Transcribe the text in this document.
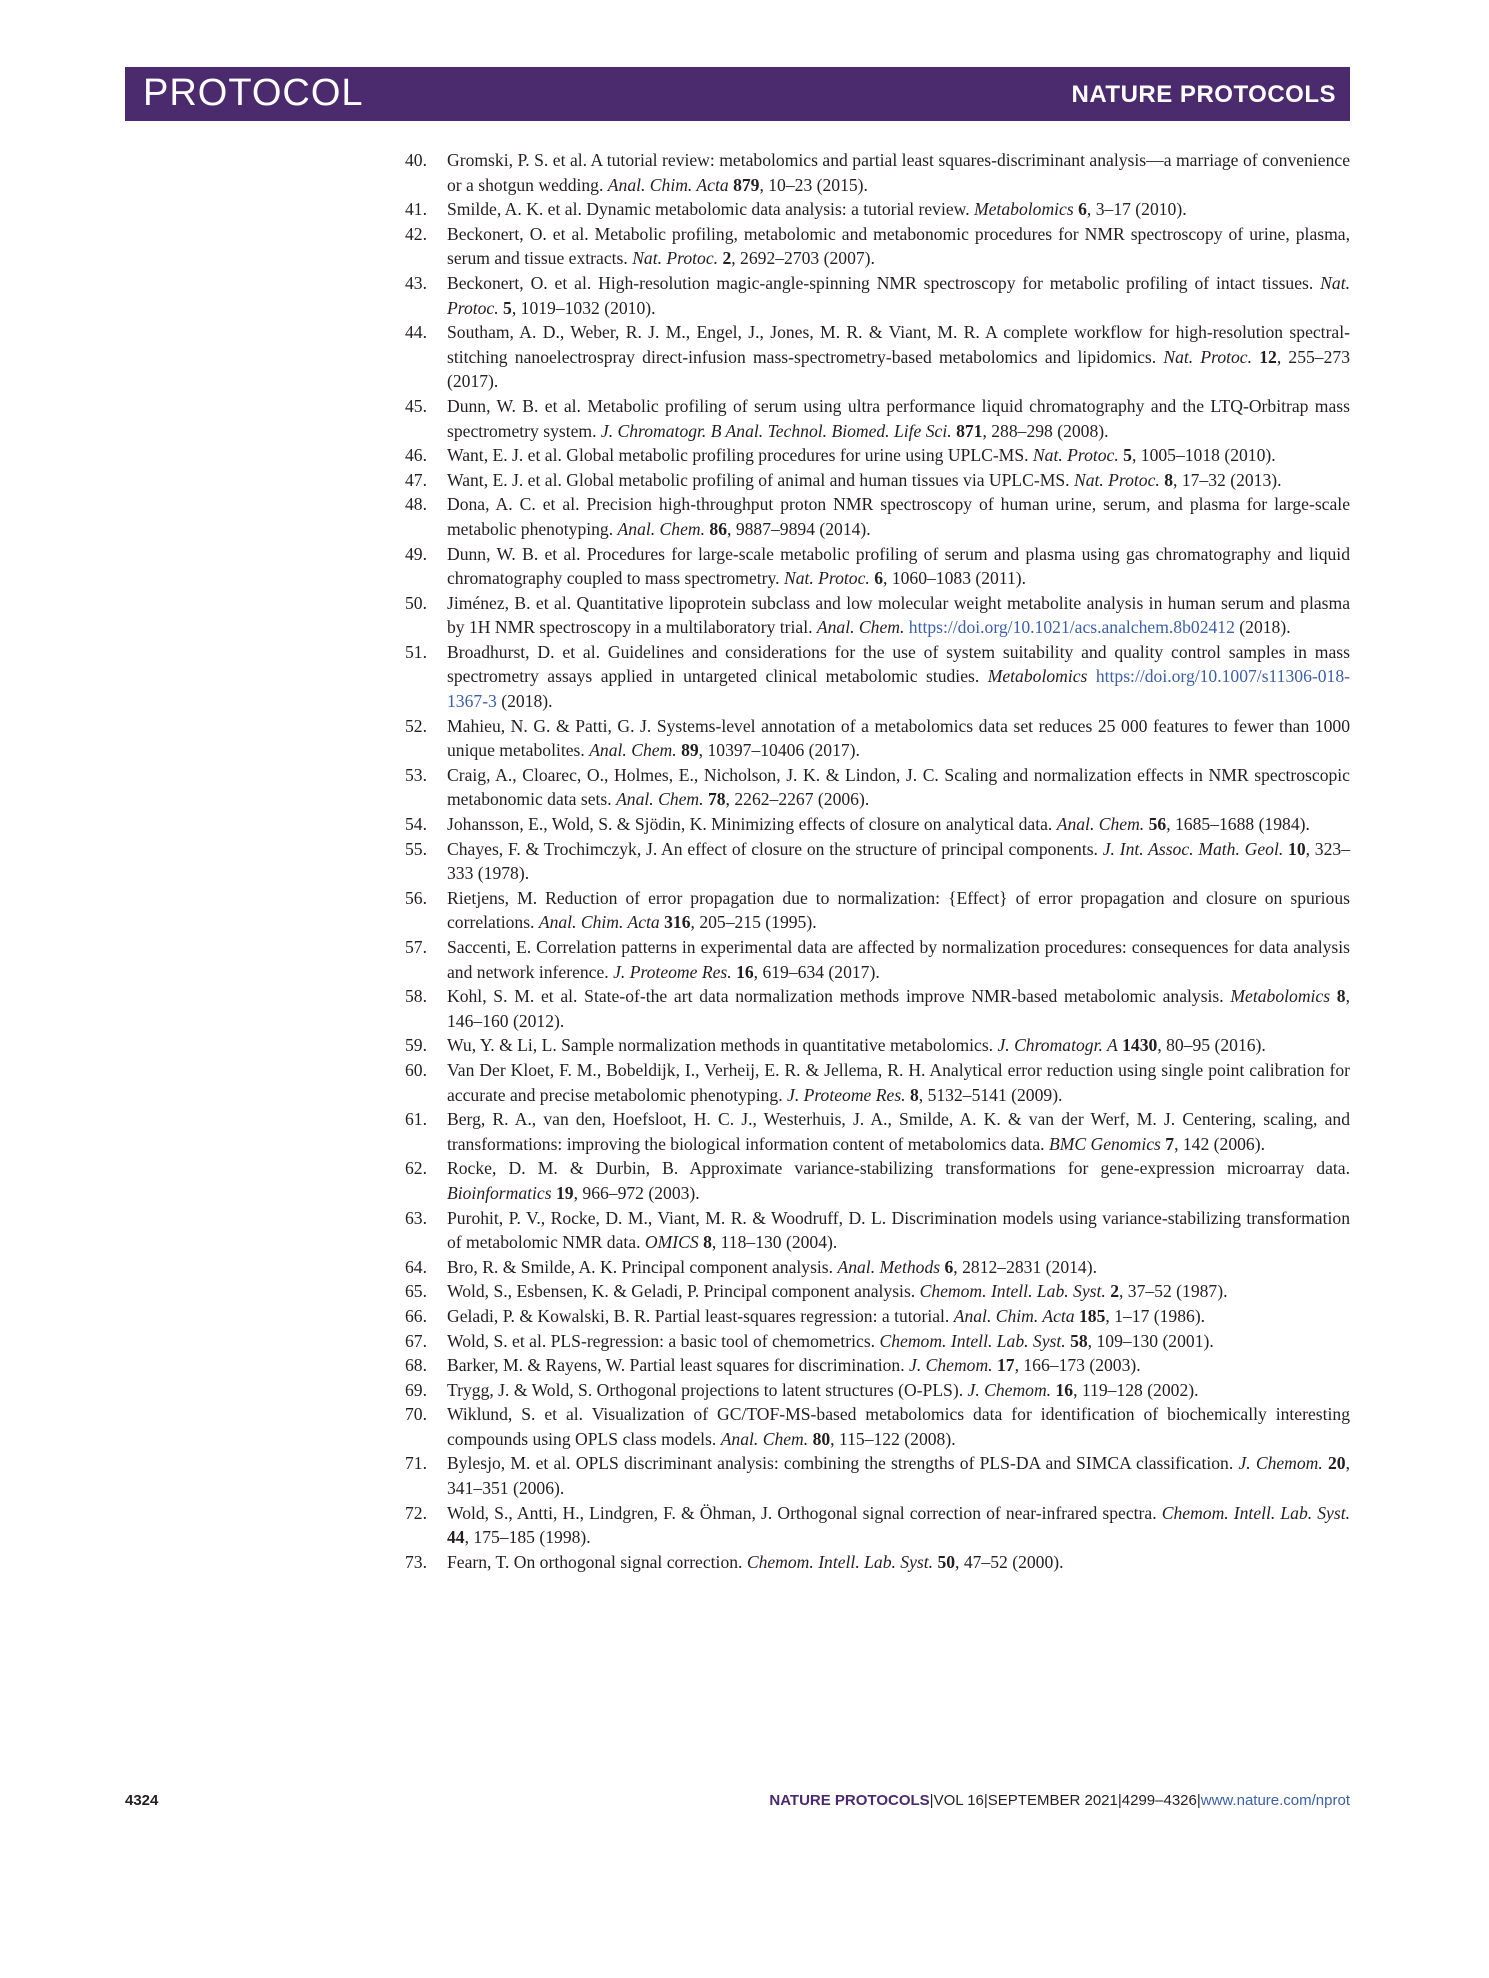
PROTOCOL	NATURE PROTOCOLS
40. Gromski, P. S. et al. A tutorial review: metabolomics and partial least squares-discriminant analysis—a marriage of convenience or a shotgun wedding. Anal. Chim. Acta 879, 10–23 (2015).
41. Smilde, A. K. et al. Dynamic metabolomic data analysis: a tutorial review. Metabolomics 6, 3–17 (2010).
42. Beckonert, O. et al. Metabolic profiling, metabolomic and metabonomic procedures for NMR spectroscopy of urine, plasma, serum and tissue extracts. Nat. Protoc. 2, 2692–2703 (2007).
43. Beckonert, O. et al. High-resolution magic-angle-spinning NMR spectroscopy for metabolic profiling of intact tissues. Nat. Protoc. 5, 1019–1032 (2010).
44. Southam, A. D., Weber, R. J. M., Engel, J., Jones, M. R. & Viant, M. R. A complete workflow for high-resolution spectral-stitching nanoelectrospray direct-infusion mass-spectrometry-based metabolomics and lipidomics. Nat. Protoc. 12, 255–273 (2017).
45. Dunn, W. B. et al. Metabolic profiling of serum using ultra performance liquid chromatography and the LTQ-Orbitrap mass spectrometry system. J. Chromatogr. B Anal. Technol. Biomed. Life Sci. 871, 288–298 (2008).
46. Want, E. J. et al. Global metabolic profiling procedures for urine using UPLC-MS. Nat. Protoc. 5, 1005–1018 (2010).
47. Want, E. J. et al. Global metabolic profiling of animal and human tissues via UPLC-MS. Nat. Protoc. 8, 17–32 (2013).
48. Dona, A. C. et al. Precision high-throughput proton NMR spectroscopy of human urine, serum, and plasma for large-scale metabolic phenotyping. Anal. Chem. 86, 9887–9894 (2014).
49. Dunn, W. B. et al. Procedures for large-scale metabolic profiling of serum and plasma using gas chromatography and liquid chromatography coupled to mass spectrometry. Nat. Protoc. 6, 1060–1083 (2011).
50. Jiménez, B. et al. Quantitative lipoprotein subclass and low molecular weight metabolite analysis in human serum and plasma by 1H NMR spectroscopy in a multilaboratory trial. Anal. Chem. https://doi.org/10.1021/acs.analchem.8b02412 (2018).
51. Broadhurst, D. et al. Guidelines and considerations for the use of system suitability and quality control samples in mass spectrometry assays applied in untargeted clinical metabolomic studies. Metabolomics https://doi.org/10.1007/s11306-018-1367-3 (2018).
52. Mahieu, N. G. & Patti, G. J. Systems-level annotation of a metabolomics data set reduces 25 000 features to fewer than 1000 unique metabolites. Anal. Chem. 89, 10397–10406 (2017).
53. Craig, A., Cloarec, O., Holmes, E., Nicholson, J. K. & Lindon, J. C. Scaling and normalization effects in NMR spectroscopic metabonomic data sets. Anal. Chem. 78, 2262–2267 (2006).
54. Johansson, E., Wold, S. & Sjödin, K. Minimizing effects of closure on analytical data. Anal. Chem. 56, 1685–1688 (1984).
55. Chayes, F. & Trochimczyk, J. An effect of closure on the structure of principal components. J. Int. Assoc. Math. Geol. 10, 323–333 (1978).
56. Rietjens, M. Reduction of error propagation due to normalization: {Effect} of error propagation and closure on spurious correlations. Anal. Chim. Acta 316, 205–215 (1995).
57. Saccenti, E. Correlation patterns in experimental data are affected by normalization procedures: consequences for data analysis and network inference. J. Proteome Res. 16, 619–634 (2017).
58. Kohl, S. M. et al. State-of-the art data normalization methods improve NMR-based metabolomic analysis. Metabolomics 8, 146–160 (2012).
59. Wu, Y. & Li, L. Sample normalization methods in quantitative metabolomics. J. Chromatogr. A 1430, 80–95 (2016).
60. Van Der Kloet, F. M., Bobeldijk, I., Verheij, E. R. & Jellema, R. H. Analytical error reduction using single point calibration for accurate and precise metabolomic phenotyping. J. Proteome Res. 8, 5132–5141 (2009).
61. Berg, R. A., van den, Hoefsloot, H. C. J., Westerhuis, J. A., Smilde, A. K. & van der Werf, M. J. Centering, scaling, and transformations: improving the biological information content of metabolomics data. BMC Genomics 7, 142 (2006).
62. Rocke, D. M. & Durbin, B. Approximate variance-stabilizing transformations for gene-expression microarray data. Bioinformatics 19, 966–972 (2003).
63. Purohit, P. V., Rocke, D. M., Viant, M. R. & Woodruff, D. L. Discrimination models using variance-stabilizing transformation of metabolomic NMR data. OMICS 8, 118–130 (2004).
64. Bro, R. & Smilde, A. K. Principal component analysis. Anal. Methods 6, 2812–2831 (2014).
65. Wold, S., Esbensen, K. & Geladi, P. Principal component analysis. Chemom. Intell. Lab. Syst. 2, 37–52 (1987).
66. Geladi, P. & Kowalski, B. R. Partial least-squares regression: a tutorial. Anal. Chim. Acta 185, 1–17 (1986).
67. Wold, S. et al. PLS-regression: a basic tool of chemometrics. Chemom. Intell. Lab. Syst. 58, 109–130 (2001).
68. Barker, M. & Rayens, W. Partial least squares for discrimination. J. Chemom. 17, 166–173 (2003).
69. Trygg, J. & Wold, S. Orthogonal projections to latent structures (O-PLS). J. Chemom. 16, 119–128 (2002).
70. Wiklund, S. et al. Visualization of GC/TOF-MS-based metabolomics data for identification of biochemically interesting compounds using OPLS class models. Anal. Chem. 80, 115–122 (2008).
71. Bylesjo, M. et al. OPLS discriminant analysis: combining the strengths of PLS-DA and SIMCA classification. J. Chemom. 20, 341–351 (2006).
72. Wold, S., Antti, H., Lindgren, F. & Öhman, J. Orthogonal signal correction of near-infrared spectra. Chemom. Intell. Lab. Syst. 44, 175–185 (1998).
73. Fearn, T. On orthogonal signal correction. Chemom. Intell. Lab. Syst. 50, 47–52 (2000).
4324	NATURE PROTOCOLS|VOL 16|SEPTEMBER 2021|4299–4326|www.nature.com/nprot
